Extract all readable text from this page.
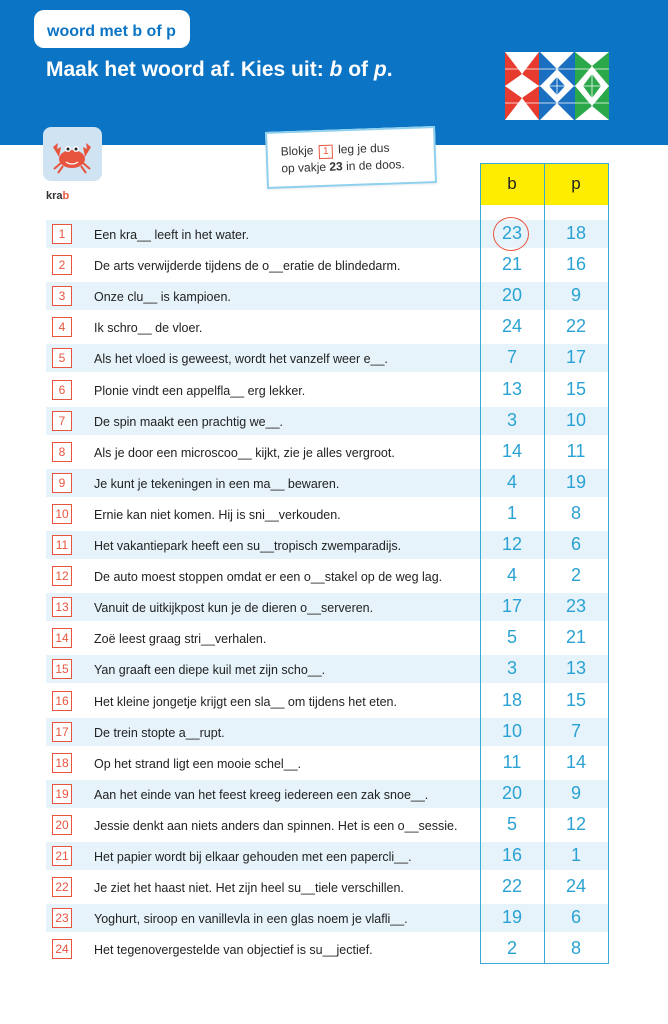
woord met b of p
Maak het woord af. Kies uit: b of p.
krab
Blokje 1 leg je dus
op vakje 23 in de doos.
b	p
1	Een kra__ leeft in het water.	23	18
2	De arts verwijderde tijdens de o__eratie de blindedarm.	21	16
3	Onze clu__ is kampioen.	20	9
4	Ik schro__ de vloer.	24	22
5	Als het vloed is geweest, wordt het vanzelf weer e__.	7	17
6	Plonie vindt een appelfla__ erg lekker.	13	15
7	De spin maakt een prachtig we__.	3	10
8	Als je door een microscoo__ kijkt, zie je alles vergroot.	14	11
9	Je kunt je tekeningen in een ma__ bewaren.	4	19
10 Ernie kan niet komen. Hij is sni__verkouden.	1	8
11	Het vakantiepark heeft een su__tropisch zwemparadijs.	12	6
12 De auto moest stoppen omdat er een o__stakel op de weg lag.	4	2
13 Vanuit de uitkijkpost kun je de dieren o__serveren.	17	23
14 Zoë leest graag stri__verhalen.	5	21
15 Yan graaft een diepe kuil met zijn scho__.	3	13
16 Het kleine jongetje krijgt een sla__ om tijdens het eten.	18	15
17 De trein stopte a__rupt.	10	7
18 Op het strand ligt een mooie schel__.	11	14
19 Aan het einde van het feest kreeg iedereen een zak snoe__.	20	9
20 Jessie denkt aan niets anders dan spinnen. Het is een o__sessie.	5	12
21 Het papier wordt bij elkaar gehouden met een papercli__.	16	1
22 Je ziet het haast niet. Het zijn heel su__tiele verschillen.	22	24
23 Yoghurt, siroop en vanillevla in een glas noem je vlafli__.	19	6
24 Het tegenovergestelde van objectief is su__jectief.	2	8
